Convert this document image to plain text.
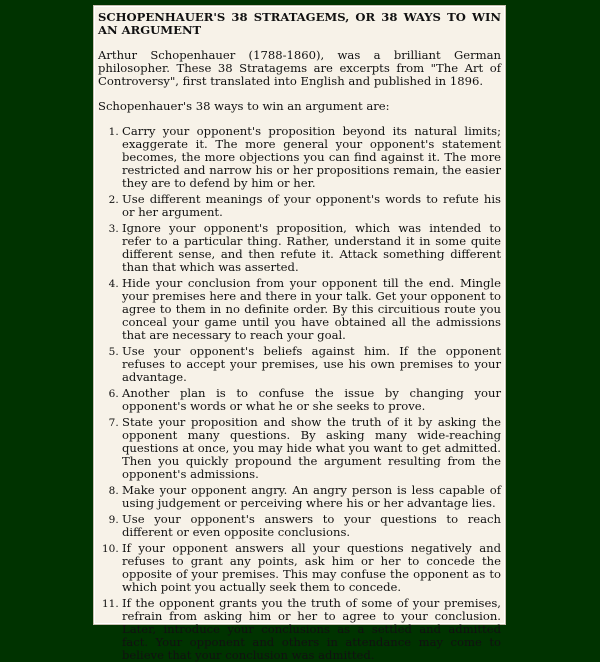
SCHOPENHAUER'S 38 STRATAGEMS, OR 38 WAYS TO WIN AN ARGUMENT

Arthur Schopenhauer (1788-1860), was a brilliant German philosopher. These 38 Stratagems are excerpts from "The Art of Controversy", first translated into English and published in 1896.

Schopenhauer's 38 ways to win an argument are:

1. Carry your opponent's proposition beyond its natural limits; exaggerate it. The more general your opponent's statement becomes, the more objections you can find against it. The more restricted and narrow his or her propositions remain, the easier they are to defend by him or her.
2. Use different meanings of your opponent's words to refute his or her argument.
3. Ignore your opponent's proposition, which was intended to refer to a particular thing. Rather, understand it in some quite different sense, and then refute it. Attack something different than that which was asserted.
4. Hide your conclusion from your opponent till the end. Mingle your premises here and there in your talk. Get your opponent to agree to them in no definite order. By this circuitious route you conceal your game until you have obtained all the admissions that are necessary to reach your goal.
5. Use your opponent's beliefs against him. If the opponent refuses to accept your premises, use his own premises to your advantage.
6. Another plan is to confuse the issue by changing your opponent's words or what he or she seeks to prove.
7. State your proposition and show the truth of it by asking the opponent many questions. By asking many wide-reaching questions at once, you may hide what you want to get admitted. Then you quickly propound the argument resulting from the opponent's admissions.
8. Make your opponent angry. An angry person is less capable of using judgement or perceiving where his or her advantage lies.
9. Use your opponent's answers to your questions to reach different or even opposite conclusions.
10. If your opponent answers all your questions negatively and refuses to grant any points, ask him or her to concede the opposite of your premises. This may confuse the opponent as to which point you actually seek them to concede.
11. If the opponent grants you the truth of some of your premises, refrain from asking him or her to agree to your conclusion. Later, introduce your conclusions as a settled and admitted fact. Your opponent and others in attendance may come to believe that your conclusion was admitted.
